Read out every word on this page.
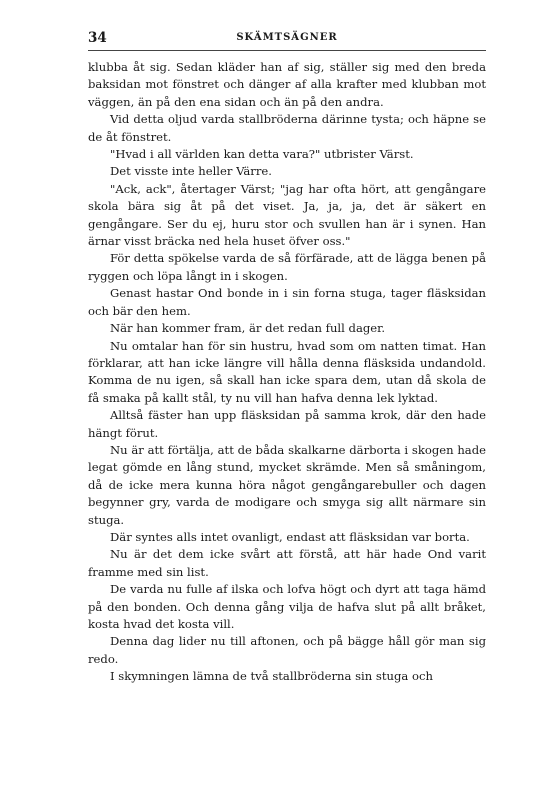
34	SKÄMTSÄGNER

klubba åt sig. Sedan kläder han af sig, ställer sig med den breda baksidan mot fönstret och dänger af alla krafter med klubban mot väggen, än på den ena sidan och än på den andra.

Vid detta oljud varda stallbröderna därinne tysta; och häpne se de åt fönstret.

"Hvad i all världen kan detta vara?" utbrister Värst.

Det visste inte heller Värre.

"Ack, ack", återtager Värst; "jag har ofta hört, att gengångare skola bära sig åt på det viset. Ja, ja, ja, det är säkert en gengångare. Ser du ej, huru stor och svullen han är i synen. Han ärnar visst bräcka ned hela huset öfver oss."

För detta spökelse varda de så förfärade, att de lägga benen på ryggen och löpa långt in i skogen.

Genast hastar Ond bonde in i sin forna stuga, tager fläsksidan och bär den hem.

När han kommer fram, är det redan full dager.

Nu omtalar han för sin hustru, hvad som om natten timat. Han förklarar, att han icke längre vill hålla denna fläsksida undandold. Komma de nu igen, så skall han icke spara dem, utan då skola de få smaka på kallt stål, ty nu vill han hafva denna lek lyktad.

Alltså fäster han upp fläsksidan på samma krok, där den hade hängt förut.

Nu är att förtälja, att de båda skalkarne därborta i skogen hade legat gömde en lång stund, mycket skrämde. Men så småningom, då de icke mera kunna höra något gengångarebuller och dagen begynner gry, varda de modigare och smyga sig allt närmare sin stuga.

Där syntes alls intet ovanligt, endast att fläsksidan var borta.

Nu är det dem icke svårt att förstå, att här hade Ond varit framme med sin list.

De varda nu fulle af ilska och lofva högt och dyrt att taga hämd på den bonden. Och denna gång vilja de hafva slut på allt bråket, kosta hvad det kosta vill.

Denna dag lider nu till aftonen, och på bägge håll gör man sig redo.

I skymningen lämna de två stallbröderna sin stuga och
